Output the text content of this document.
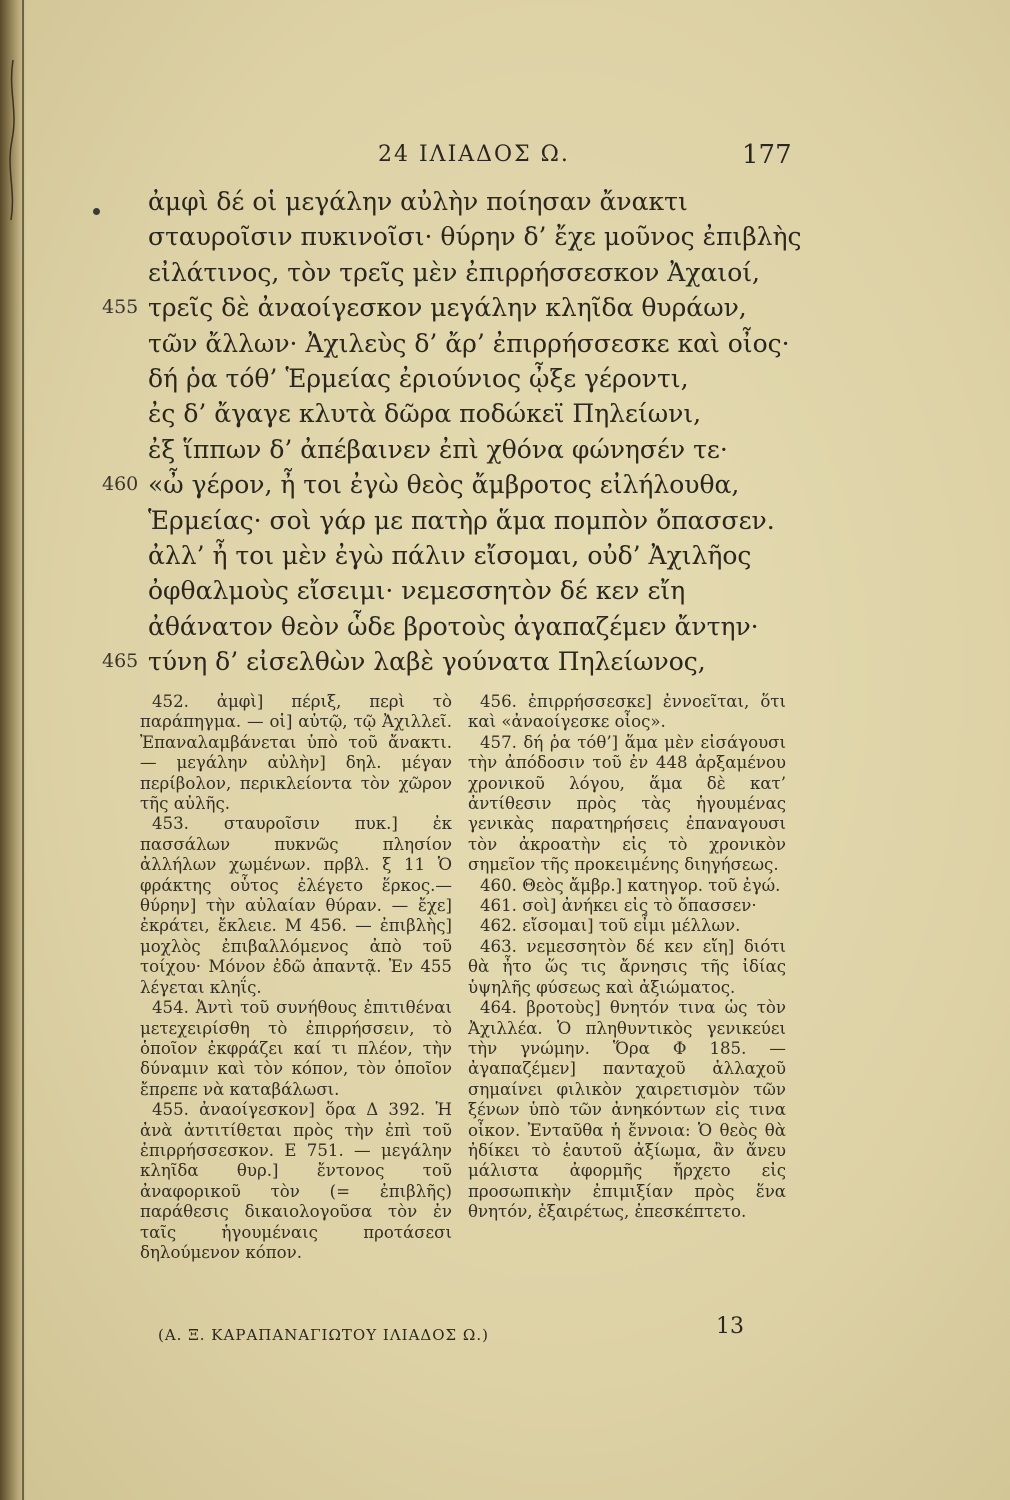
24 ΙΛΙΑΔΟΣ Ω.	177
ἀμφὶ δέ οἱ μεγάλην αὐλὴν ποίησαν ἄνακτι
σταυροῖσιν πυκινοῖσι· θύρην δ’ ἔχε μοῦνος ἐπιβλὴς
εἰλάτινος, τὸν τρεῖς μὲν ἐπιρρήσσεσκον Ἀχαιοί,
455 τρεῖς δὲ ἀναοίγεσκον μεγάλην κληῖδα θυράων,
τῶν ἄλλων· Ἀχιλεὺς δ’ ἄρ’ ἐπιρρήσσεσκε καὶ οἶος·
δή ῥα τόθ’ Ἑρμείας ἐριούνιος ᾦξε γέροντι,
ἐς δ’ ἄγαγε κλυτὰ δῶρα ποδώκεϊ Πηλείωνι,
ἐξ ἵππων δ’ ἀπέβαινεν ἐπὶ χθόνα φώνησέν τε·
460 «ὦ γέρον, ἦ τοι ἐγὼ θεὸς ἄμβροτος εἰλήλουθα,
Ἑρμείας· σοὶ γάρ με πατὴρ ἅμα πομπὸν ὄπασσεν.
ἀλλ’ ἦ τοι μὲν ἐγὼ πάλιν εἴσομαι, οὐδ’ Ἀχιλῆος
ὀφθαλμοὺς εἴσειμι· νεμεσσητὸν δέ κεν εἴη
ἀθάνατον θεὸν ὧδε βροτοὺς ἀγαπαζέμεν ἄντην·
465 τύνη δ’ εἰσελθὼν λαβὲ γούνατα Πηλείωνος,

452. ἀμφὶ] πέριξ, περὶ τὸ παράπηγμα. — οἱ] αὐτῷ, τῷ Ἀχιλλεῖ. Ἐπαναλαμβάνεται ὑπὸ τοῦ ἄνακτι. — μεγάλην αὐλὴν] δηλ. μέγαν περίβολον, περικλείοντα τὸν χῶρον τῆς αὐλῆς.

453. σταυροῖσιν πυκ.] ἐκ πασσάλων πυκνῶς πλησίον ἀλλήλων χωμένων. πρβλ. ξ 11 Ὁ φράκτης οὗτος ἐλέγετο ἕρκος.— θύρην] τὴν αὐλαίαν θύραν. — ἔχε] ἐκράτει, ἔκλειε. Μ 456. — ἐπιβλὴς] μοχλὸς ἐπιβαλλόμενος ἀπὸ τοῦ τοίχου· Μόνον ἐδῶ ἀπαντᾷ. Ἐν 455 λέγεται κληΐς.

454. Ἀντὶ τοῦ συνήθους ἐπιτιθέναι μετεχειρίσθη τὸ ἐπιρρήσσειν, τὸ ὁποῖον ἐκφράζει καί τι πλέον, τὴν δύναμιν καὶ τὸν κόπον, τὸν ὁποῖον ἔπρεπε νὰ καταβάλωσι.

455. ἀναοίγεσκον] ὅρα Δ 392. Ἡ ἀνὰ ἀντιτίθεται πρὸς τὴν ἐπὶ τοῦ ἐπιρρήσσεσκον. Ε 751. — μεγάλην κληῖδα θυρ.] ἔντονος τοῦ ἀναφορικοῦ τὸν (= ἐπιβλῆς) παράθεσις δικαιολογοῦσα τὸν ἐν ταῖς ἡγουμέναις προτάσεσι δηλούμενον κόπον.

456. ἐπιρρήσσεσκε] ἐννοεῖται, ὅτι καὶ «ἀναοίγεσκε οἶος».

457. δή ῥα τόθ’] ἅμα μὲν εἰσάγουσι τὴν ἀπόδοσιν τοῦ ἐν 448 ἀρξαμένου χρονικοῦ λόγου, ἅμα δὲ κατ’ ἀντίθεσιν πρὸς τὰς ἡγουμένας γενικὰς παρατηρήσεις ἐπαναγουσι τὸν ἀκροατὴν εἰς τὸ χρονικὸν σημεῖον τῆς προκειμένης διηγήσεως.

460. Θεὸς ἄμβρ.] κατηγορ. τοῦ ἐγώ.

461. σοὶ] ἀνήκει εἰς τὸ ὄπασσεν·

462. εἴσομαι] τοῦ εἶμι μέλλων.

463. νεμεσσητὸν δέ κεν εἴη] διότι θὰ ἦτο ὥς τις ἄρνησις τῆς ἰδίας ὑψηλῆς φύσεως καὶ ἀξιώματος.

464. βροτοὺς] θνητόν τινα ὡς τὸν Ἀχιλλέα. Ὁ πληθυντικὸς γενικεύει τὴν γνώμην. Ὅρα Φ 185. — ἀγαπαζέμεν] πανταχοῦ ἀλλαχοῦ σημαίνει φιλικὸν χαιρετισμὸν τῶν ξένων ὑπὸ τῶν ἀνηκόντων εἰς τινα οἶκον. Ἐνταῦθα ἡ ἔννοια: Ὁ θεὸς θὰ ἠδίκει τὸ ἑαυτοῦ ἀξίωμα, ἂν ἄνευ μάλιστα ἀφορμῆς ἤρχετο εἰς προσωπικὴν ἐπιμιξίαν πρὸς ἕνα θνητόν, ἐξαιρέτως, ἐπεσκέπτετο.

(Α. Ξ. ΚΑΡΑΠΑΝΑΓΙΩΤΟΥ ΙΛΙΑΔΟΣ Ω.)	13
